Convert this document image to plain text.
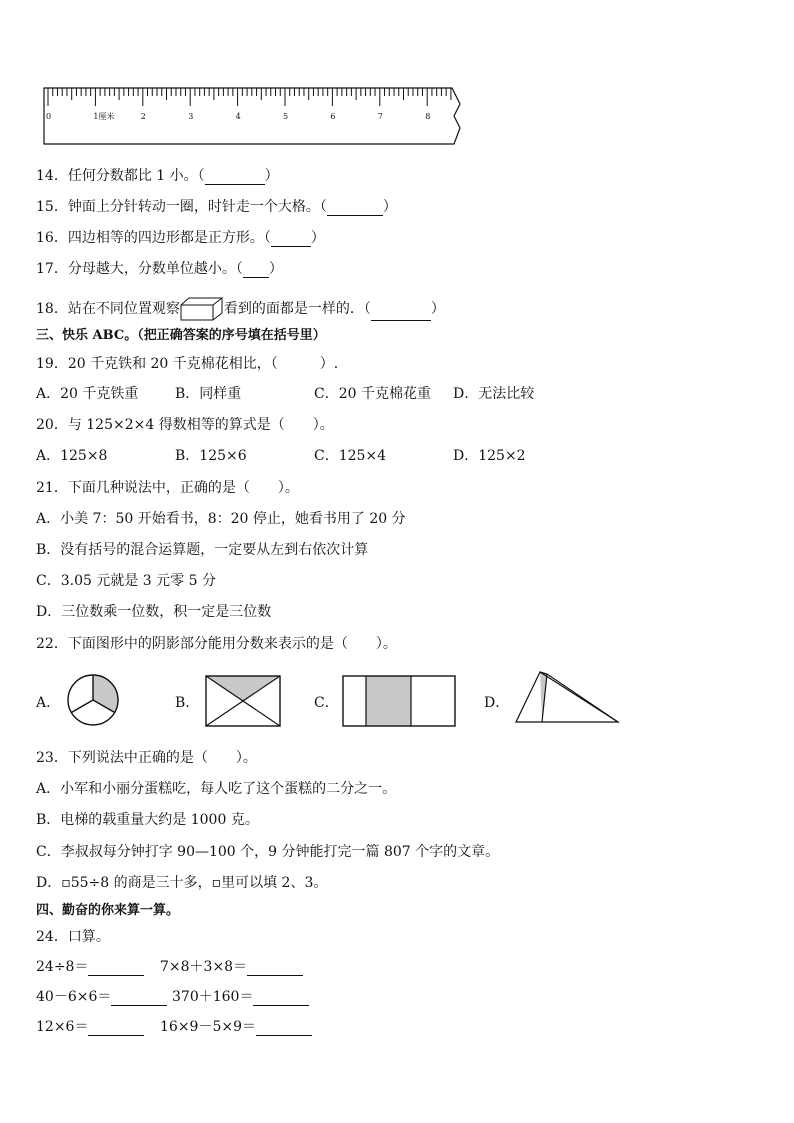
0	1厘米	2	3	4	5	6	7	8
14．任何分数都比 1 小。（	）
15．钟面上分针转动一圈，时针走一个大格。（	）
16．四边相等的四边形都是正方形。（	）
17．分母越大，分数单位越小。（ ）
18．站在不同位置观察	看到的面都是一样的．（	）
三、快乐 ABC。（把正确答案的序号填在括号里）
19．20 千克铁和 20 千克棉花相比，（　　　）.
A．20 千克铁重	B．同样重	C．20 千克棉花重 D．无法比较
20．与 125×2×4 得数相等的算式是（　　）。
A．125×8	B．125×6	C．125×4	D．125×2
21．下面几种说法中，正确的是（　　）。
A．小美 7：50 开始看书，8：20 停止，她看书用了 20 分
B．没有括号的混合运算题，一定要从左到右依次计算
C．3.05 元就是 3 元零 5 分
D．三位数乘一位数，积一定是三位数
22．下面图形中的阴影部分能用分数来表示的是（　　）。
A．	B．	C．	D．
23．下列说法中正确的是（　　）。
A．小军和小丽分蛋糕吃，每人吃了这个蛋糕的二分之一。
B．电梯的载重量大约是 1000 克。
C．李叔叔每分钟打字 90—100 个，9 分钟能打完一篇 807 个字的文章。
D．▫55÷8 的商是三十多，▫里可以填 2、3。
四、勤奋的你来算一算。
24．口算。
24÷8＝	7×8＋3×8＝
40－6×6＝	370＋160＝
12×6＝	16×9－5×9＝
